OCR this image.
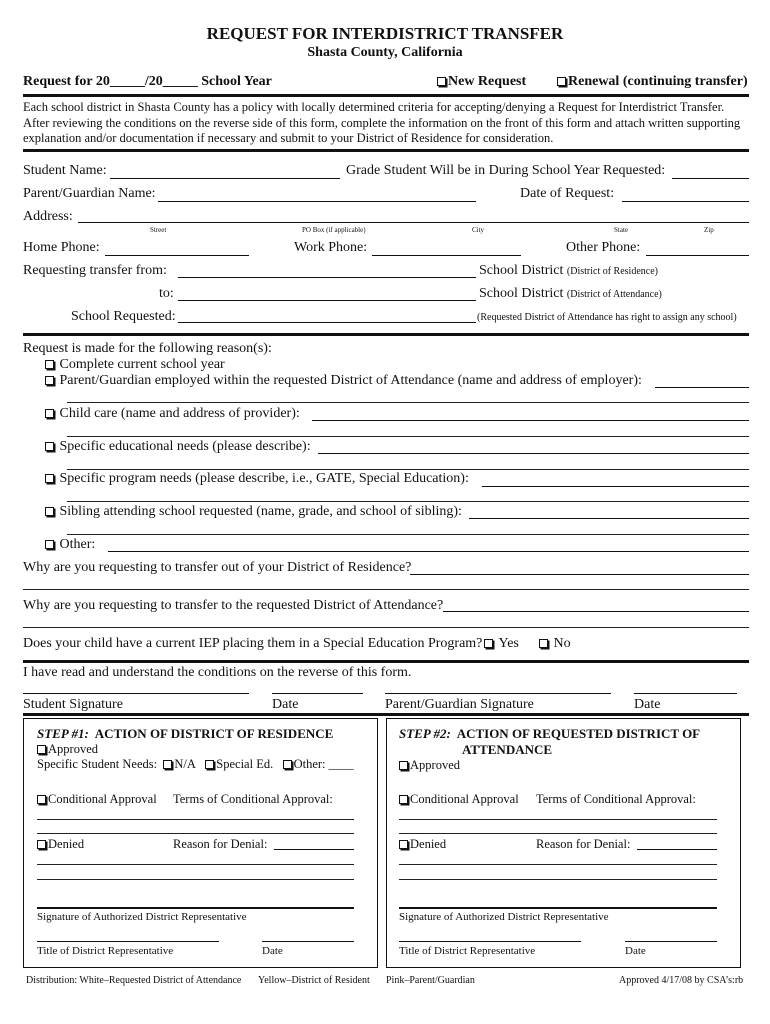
REQUEST FOR INTERDISTRICT TRANSFER
Shasta County, California
Request for 20_____/20_____ School Year	New Request	Renewal (continuing transfer)
Each school district in Shasta County has a policy with locally determined criteria for accepting/denying a Request for Interdistrict Transfer. After reviewing the conditions on the reverse side of this form, complete the information on the front of this form and attach written supporting explanation and/or documentation if necessary and submit to your District of Residence for consideration.
Student Name:	Grade Student Will be in During School Year Requested:
Parent/Guardian Name:	Date of Request:
Address:
Street	PO Box (if applicable)	City	State	Zip
Home Phone:	Work Phone:	Other Phone:
Requesting transfer from:	School District (District of Residence)
to:	School District (District of Attendance)
School Requested:	(Requested District of Attendance has right to assign any school)
Request is made for the following reason(s):
Complete current school year
Parent/Guardian employed within the requested District of Attendance (name and address of employer):
Child care (name and address of provider):
Specific educational needs (please describe):
Specific program needs (please describe, i.e., GATE, Special Education):
Sibling attending school requested (name, grade, and school of sibling):
Other:
Why are you requesting to transfer out of your District of Residence?
Why are you requesting to transfer to the requested District of Attendance?
Does your child have a current IEP placing them in a Special Education Program?	Yes	No
I have read and understand the conditions on the reverse of this form.
Student Signature	Date	Parent/Guardian Signature	Date
STEP #1: ACTION OF DISTRICT OF RESIDENCE
Approved
Specific Student Needs: N/A Special Ed. Other: ____
Conditional Approval Terms of Conditional Approval:
Denied	Reason for Denial:
Signature of Authorized District Representative
Title of District Representative	Date
STEP #2: ACTION OF REQUESTED DISTRICT OF
ATTENDANCE
Approved
Conditional Approval Terms of Conditional Approval:
Denied	Reason for Denial:
Signature of Authorized District Representative
Title of District Representative	Date
Distribution: White–Requested District of Attendance Yellow–District of Resident Pink–Parent/Guardian	Approved 4/17/08 by CSA’s:rb
